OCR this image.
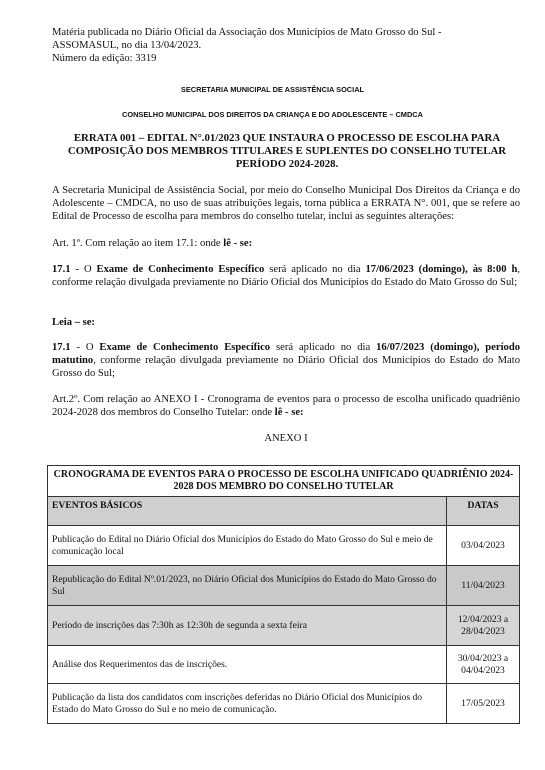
Matéria publicada no Diário Oficial da Associação dos Municípios de Mato Grosso do Sul -
ASSOMASUL, no dia 13/04/2023.
Número da edição: 3319
SECRETARIA MUNICIPAL DE ASSISTÊNCIA SOCIAL
CONSELHO MUNICIPAL DOS DIREITOS DA CRIANÇA E DO ADOLESCENTE – CMDCA
ERRATA 001 – EDITAL N°.01/2023 QUE INSTAURA O PROCESSO DE ESCOLHA PARA
COMPOSIÇÃO DOS MEMBROS TITULARES E SUPLENTES DO CONSELHO TUTELAR
PERÍODO 2024-2028.
A Secretaria Municipal de Assistência Social, por meio do Conselho Municipal Dos Direitos da Criança e do Adolescente – CMDCA, no uso de suas atribuições legais, torna pública a ERRATA N°. 001, que se refere ao Edital de Processo de escolha para membros do conselho tutelar, inclui as seguintes alterações:
Art. 1º. Com relação ao item 17.1: onde lê - se:
17.1 - O Exame de Conhecimento Específico será aplicado no dia 17/06/2023 (domingo), às 8:00 h, conforme relação divulgada previamente no Diário Oficial dos Municípios do Estado do Mato Grosso do Sul;
Leia – se:
17.1 - O Exame de Conhecimento Específico será aplicado no dia 16/07/2023 (domingo), período matutino, conforme relação divulgada previamente no Diário Oficial dos Municípios do Estado do Mato Grosso do Sul;
Art.2º. Com relação ao ANEXO I - Cronograma de eventos para o processo de escolha unificado quadriênio 2024-2028 dos membros do Conselho Tutelar: onde lê - se:
ANEXO I
CRONOGRAMA DE EVENTOS PARA O PROCESSO DE ESCOLHA UNIFICADO QUADRIÊNIO 2024-2028 DOS MEMBRO DO CONSELHO TUTELAR	
EVENTOS BÁSICOS	DATAS
Publicação do Edital no Diário Oficial dos Municípios do Estado do Mato Grosso do Sul e meio de comunicação local	03/04/2023
Republicação do Edital Nº.01/2023, no Diário Oficial dos Municípios do Estado do Mato Grosso do Sul	11/04/2023
Período de inscrições das 7:30h as 12:30h de segunda a sexta feira	12/04/2023 a 28/04/2023
Análise dos Requerimentos das de inscrições.	30/04/2023 a 04/04/2023
Publicação da lista dos candidatos com inscrições deferidas no Diário Oficial dos Municípios do Estado do Mato Grosso do Sul e no meio de comunicação.	17/05/2023
